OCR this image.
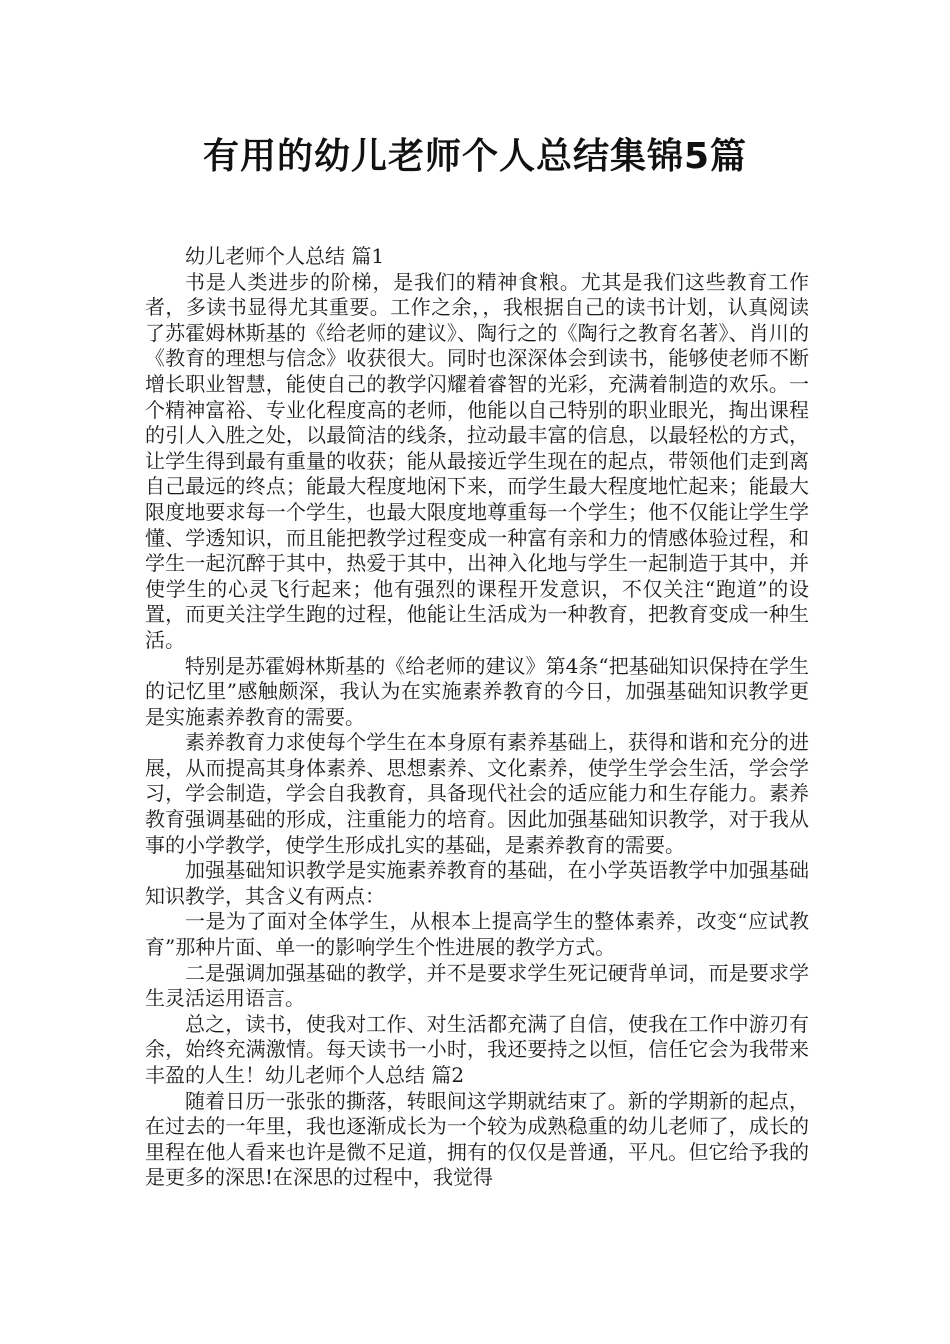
有用的幼儿老师个人总结集锦5篇

幼儿老师个人总结 篇1

书是人类进步的阶梯，是我们的精神食粮。尤其是我们这些教育工作者，多读书显得尤其重要。工作之余，，我根据自己的读书计划，认真阅读了苏霍姆林斯基的《给老师的建议》、陶行之的《陶行之教育名著》、肖川的《教育的理想与信念》收获很大。同时也深深体会到读书，能够使老师不断增长职业智慧，能使自己的教学闪耀着睿智的光彩，充满着制造的欢乐。一个精神富裕、专业化程度高的老师，他能以自己特别的职业眼光，掏出课程的引人入胜之处，以最简洁的线条，拉动最丰富的信息，以最轻松的方式，让学生得到最有重量的收获；能从最接近学生现在的起点，带领他们走到离自己最远的终点；能最大程度地闲下来，而学生最大程度地忙起来；能最大限度地要求每一个学生，也最大限度地尊重每一个学生；他不仅能让学生学懂、学透知识，而且能把教学过程变成一种富有亲和力的情感体验过程，和学生一起沉醉于其中，热爱于其中，出神入化地与学生一起制造于其中，并使学生的心灵飞行起来；他有强烈的课程开发意识，不仅关注“跑道”的设置，而更关注学生跑的过程，他能让生活成为一种教育，把教育变成一种生活。

特别是苏霍姆林斯基的《给老师的建议》第4条“把基础知识保持在学生的记忆里”感触颇深，我认为在实施素养教育的今日，加强基础知识教学更是实施素养教育的需要。

素养教育力求使每个学生在本身原有素养基础上，获得和谐和充分的进展，从而提高其身体素养、思想素养、文化素养，使学生学会生活，学会学习，学会制造，学会自我教育，具备现代社会的适应能力和生存能力。素养教育强调基础的形成，注重能力的培育。因此加强基础知识教学，对于我从事的小学教学，使学生形成扎实的基础，是素养教育的需要。

加强基础知识教学是实施素养教育的基础，在小学英语教学中加强基础知识教学，其含义有两点：

一是为了面对全体学生，从根本上提高学生的整体素养，改变“应试教育”那种片面、单一的影响学生个性进展的教学方式。

二是强调加强基础的教学，并不是要求学生死记硬背单词，而是要求学生灵活运用语言。

总之，读书，使我对工作、对生活都充满了自信，使我在工作中游刃有余，始终充满激情。每天读书一小时，我还要持之以恒，信任它会为我带来丰盈的人生！幼儿老师个人总结 篇2

随着日历一张张的撕落，转眼间这学期就结束了。新的学期新的起点，在过去的一年里，我也逐渐成长为一个较为成熟稳重的幼儿老师了，成长的里程在他人看来也许是微不足道，拥有的仅仅是普通，平凡。但它给予我的是更多的深思!在深思的过程中，我觉得
